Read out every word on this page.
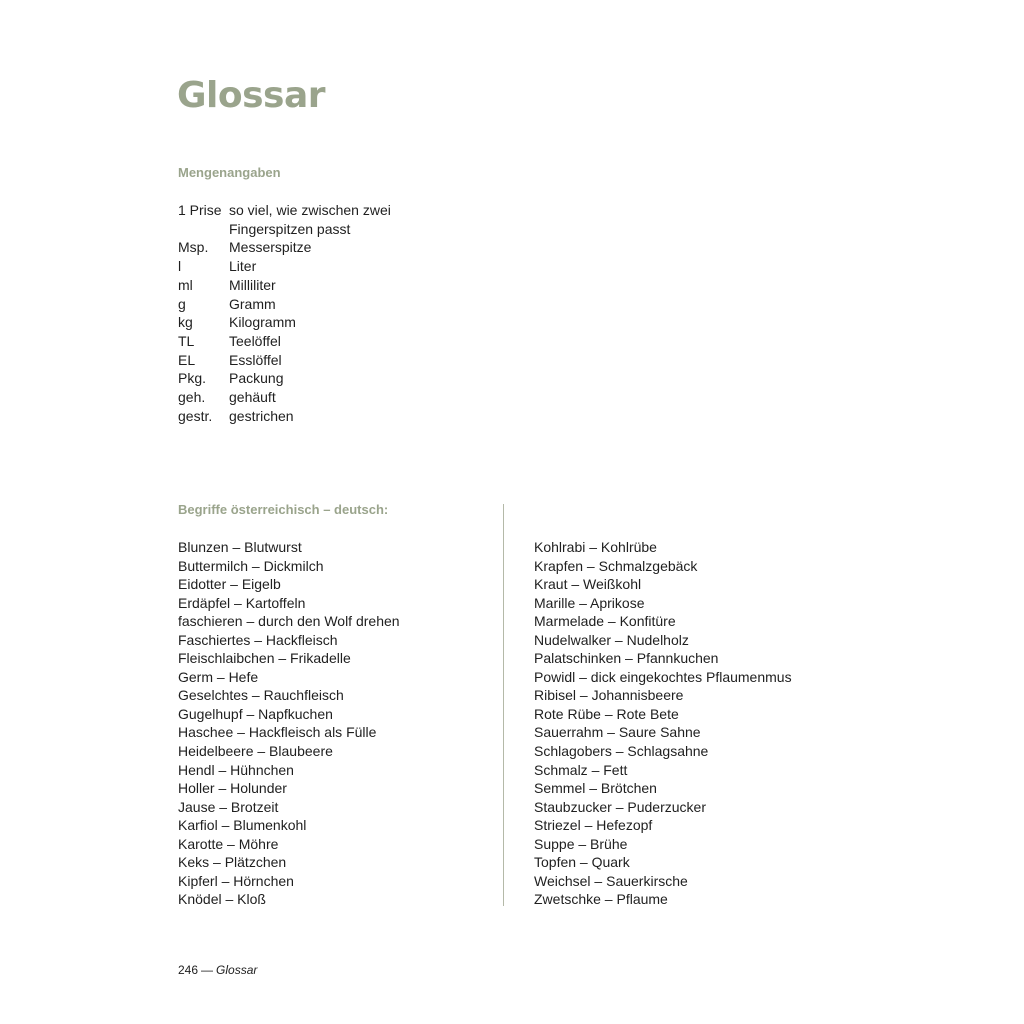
Glossar
Mengenangaben
1 Prise so viel, wie zwischen zwei Fingerspitzen passt
Msp.	Messerspitze
l	Liter
ml	Milliliter
g	Gramm
kg	Kilogramm
TL	Teelöffel
EL	Esslöffel
Pkg.	Packung
geh.	gehäuft
gestr.	gestrichen
Begriffe österreichisch – deutsch:
Blunzen – Blutwurst
Buttermilch – Dickmilch
Eidotter – Eigelb
Erdäpfel – Kartoffeln
faschieren – durch den Wolf drehen
Faschiertes – Hackfleisch
Fleischlaibchen – Frikadelle
Germ – Hefe
Geselchtes – Rauchfleisch
Gugelhupf – Napfkuchen
Haschee – Hackfleisch als Fülle
Heidelbeere – Blaubeere
Hendl – Hühnchen
Holler – Holunder
Jause – Brotzeit
Karfiol – Blumenkohl
Karotte – Möhre
Keks – Plätzchen
Kipferl – Hörnchen
Knödel – Kloß
Kohlrabi – Kohlrübe
Krapfen – Schmalzgebäck
Kraut – Weißkohl
Marille – Aprikose
Marmelade – Konfitüre
Nudelwalker – Nudelholz
Palatschinken – Pfannkuchen
Powidl – dick eingekochtes Pflaumenmus
Ribisel – Johannisbeere
Rote Rübe – Rote Bete
Sauerrahm – Saure Sahne
Schlagobers – Schlagsahne
Schmalz – Fett
Semmel – Brötchen
Staubzucker – Puderzucker
Striezel – Hefezopf
Suppe – Brühe
Topfen – Quark
Weichsel – Sauerkirsche
Zwetschke – Pflaume
246 — Glossar
